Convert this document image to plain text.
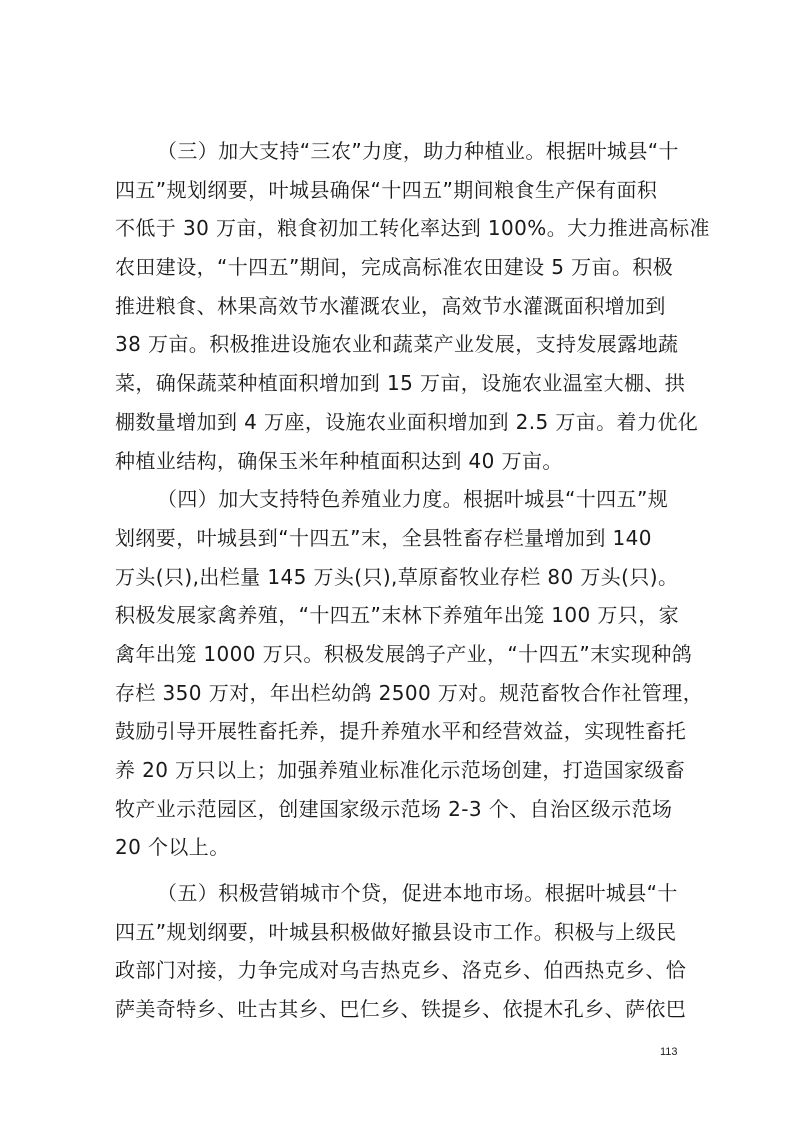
（三）加大支持“三农”力度，助力种植业。根据叶城县“十
四五”规划纲要，叶城县确保“十四五”期间粮食生产保有面积
不低于 30 万亩，粮食初加工转化率达到 100%。大力推进高标准
农田建设，“十四五”期间，完成高标准农田建设 5 万亩。积极
推进粮食、林果高效节水灌溉农业，高效节水灌溉面积增加到
38 万亩。积极推进设施农业和蔬菜产业发展，支持发展露地蔬
菜，确保蔬菜种植面积增加到 15 万亩，设施农业温室大棚、拱
棚数量增加到 4 万座，设施农业面积增加到 2.5 万亩。着力优化
种植业结构，确保玉米年种植面积达到 40 万亩。
（四）加大支持特色养殖业力度。根据叶城县“十四五”规
划纲要，叶城县到“十四五”末，全县牲畜存栏量增加到 140
万头(只),出栏量 145 万头(只),草原畜牧业存栏 80 万头(只)。
积极发展家禽养殖，“十四五”末林下养殖年出笼 100 万只，家
禽年出笼 1000 万只。积极发展鸽子产业，“十四五”末实现种鸽
存栏 350 万对，年出栏幼鸽 2500 万对。规范畜牧合作社管理，
鼓励引导开展牲畜托养，提升养殖水平和经营效益，实现牲畜托
养 20 万只以上；加强养殖业标准化示范场创建，打造国家级畜
牧产业示范园区，创建国家级示范场 2-3 个、自治区级示范场
20 个以上。
（五）积极营销城市个贷，促进本地市场。根据叶城县“十
四五”规划纲要，叶城县积极做好撤县设市工作。积极与上级民
政部门对接，力争完成对乌吉热克乡、洛克乡、伯西热克乡、恰
萨美奇特乡、吐古其乡、巴仁乡、铁提乡、依提木孔乡、萨依巴
113
